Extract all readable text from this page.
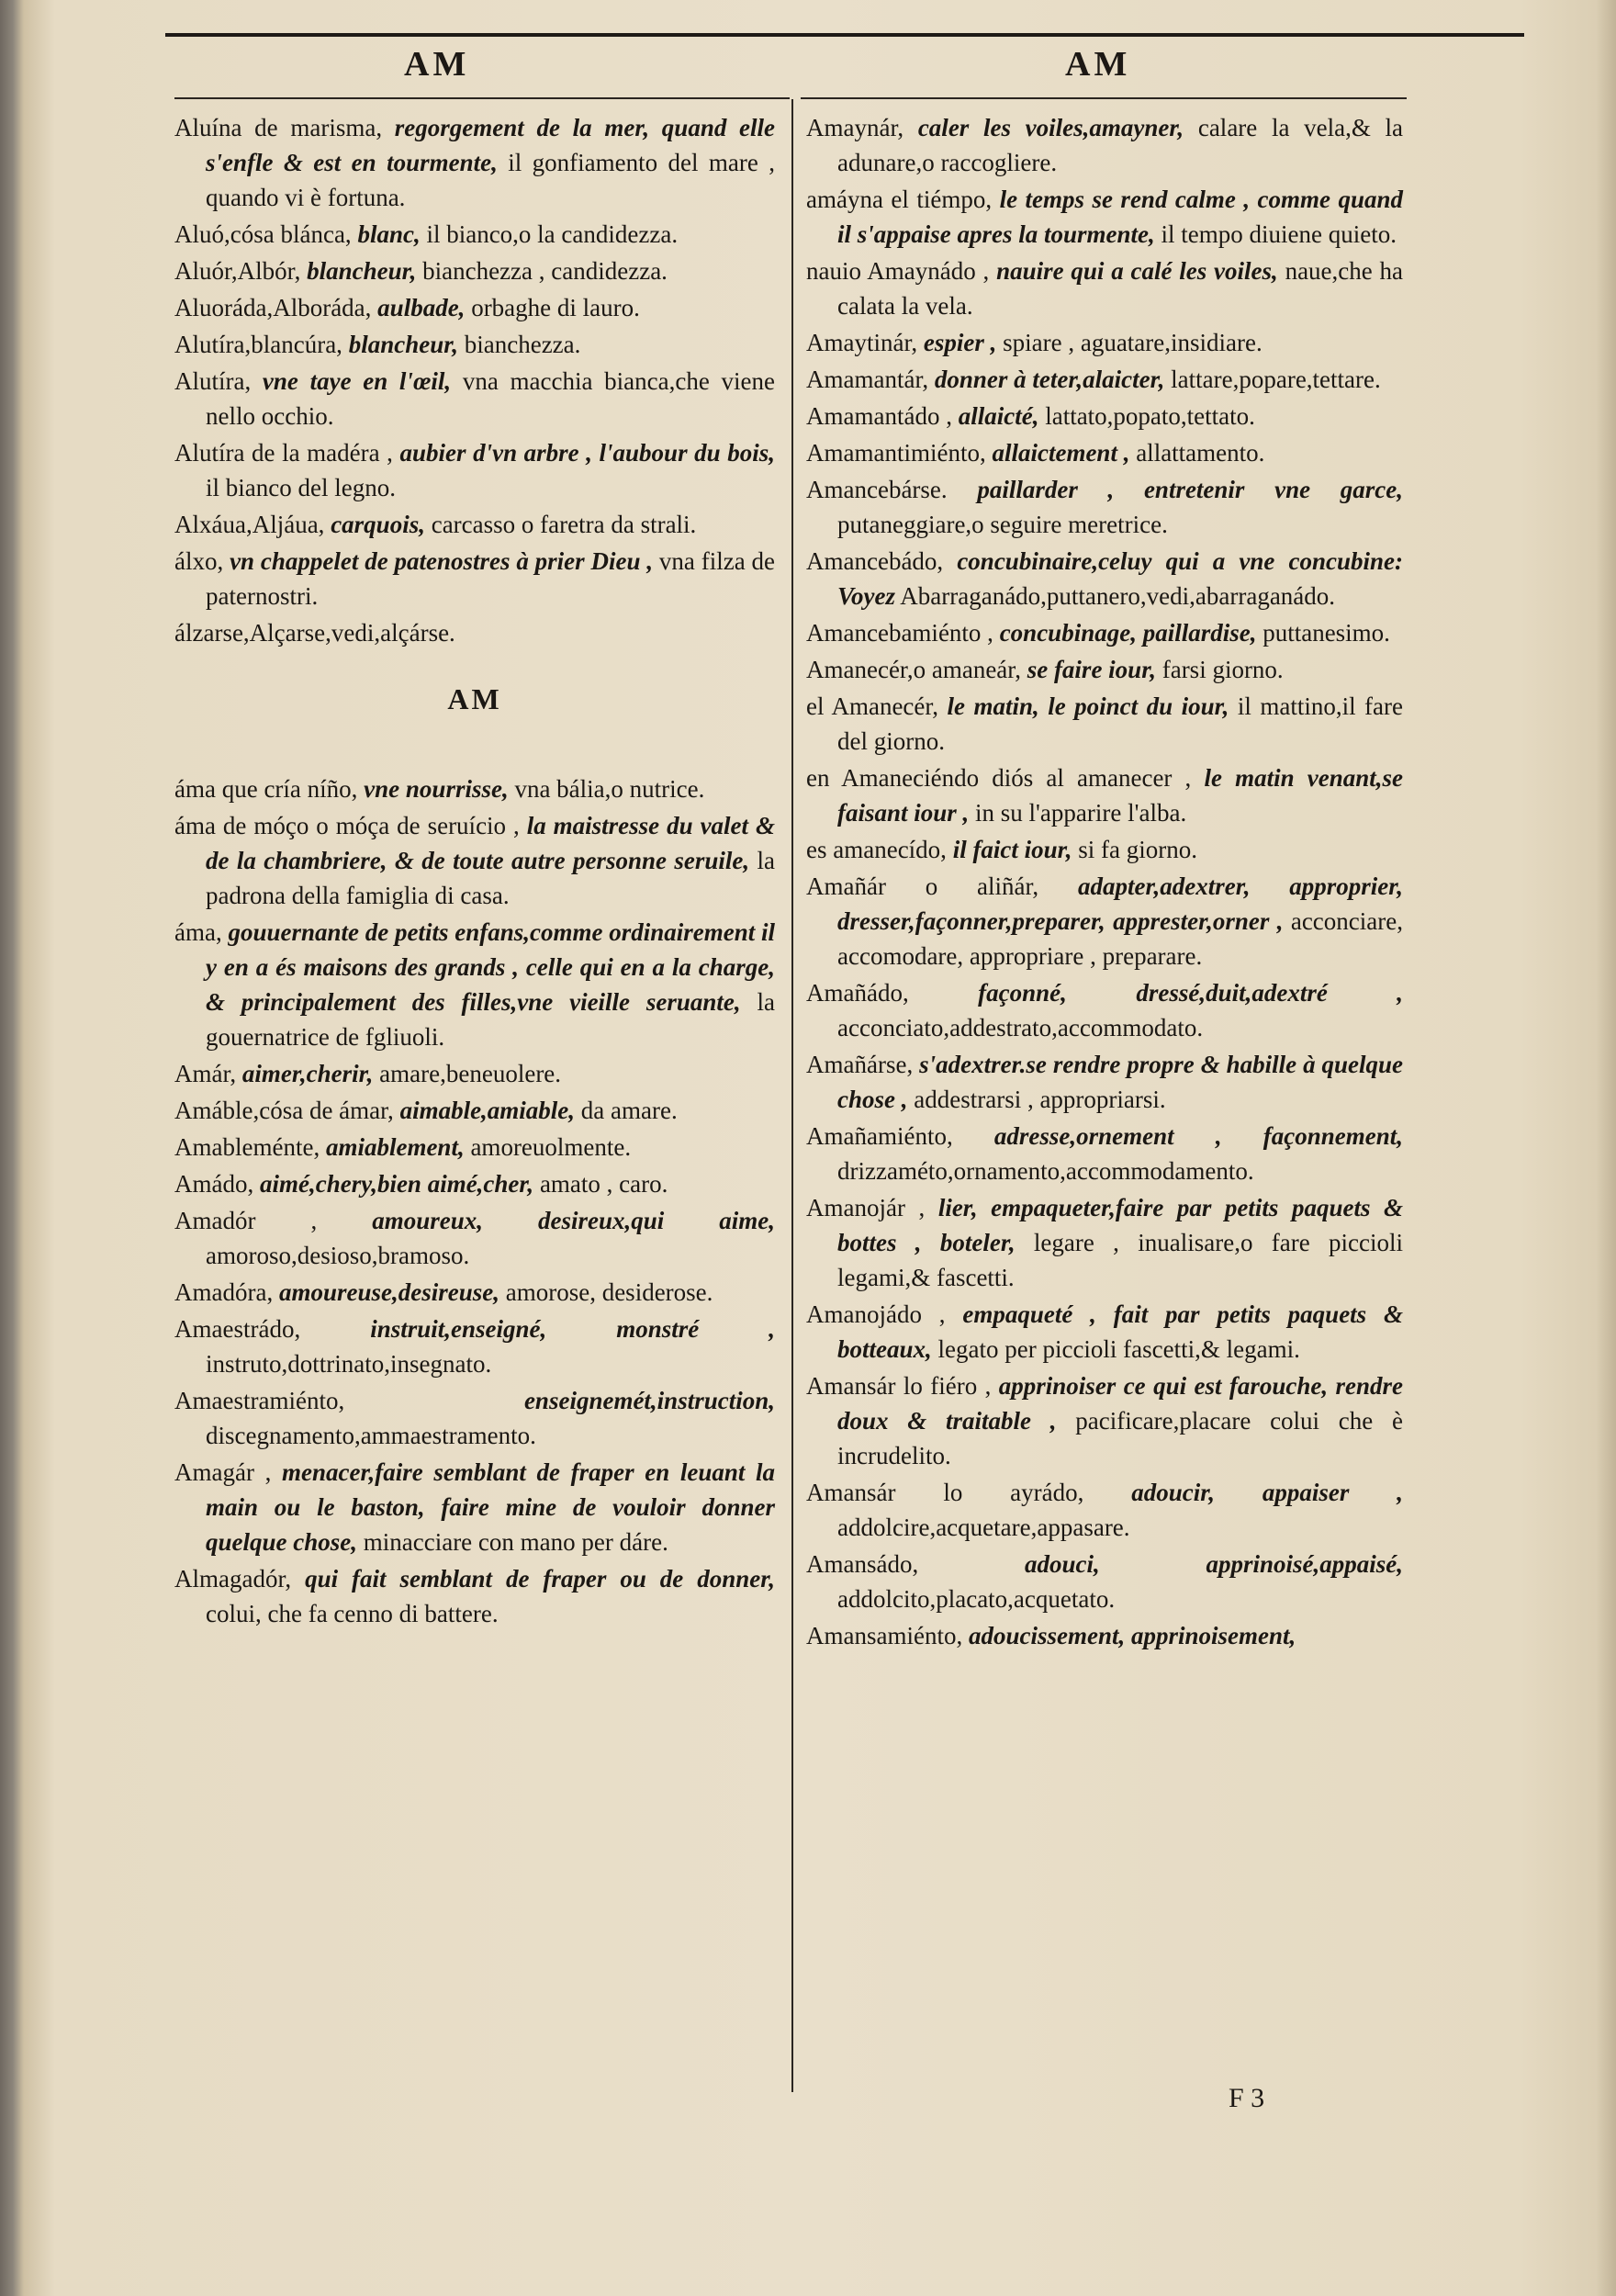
AM	AM
Aluína de marisma, regorgement de la mer, quand elle s'enfle & est en tourmente, il gonfiamento del mare , quando vi è fortuna.
Aluó,cósa blánca, blanc, il bianco,o la candidezza.
Aluór,Albór, blancheur, bianchezza , candidezza.
Aluoráda,Alboráda, aulbade, orbaghe di lauro.
Alutíra,blancúra, blancheur, bianchezza.
Alutíra, vne taye en l'œil, vna macchia bianca,che viene nello occhio.
Alutíra de la madéra , aubier d'vn arbre , l'aubour du bois, il bianco del legno.
Alxáua,Aljáua, carquois, carcasso o faretra da strali.
álxo, vn chappelet de patenostres à prier Dieu , vna filza de paternostri.
álzarse,Alçarse,vedi,alçárse.
AM
áma que cría níño, vne nourrisse, vna bália,o nutrice.
áma de móço o móça de seruício , la maistresse du valet & de la chambriere, & de toute autre personne seruile, la padrona della famiglia di casa.
áma, gouuernante de petits enfans,comme ordinairement il y en a és maisons des grands , celle qui en a la charge, & principalement des filles,vne vieille seruante, la gouernatrice de fgliuoli.
Amár, aimer,cherir, amare,beneuolere.
Amáble,cósa de ámar, aimable,amiable, da amare.
Amableménte, amiablement, amoreuolmente.
Amádo, aimé,chery,bien aimé,cher, amato , caro.
Amadór , amoureux, desireux,qui aime, amoroso,desioso,bramoso.
Amadóra, amoureuse,desireuse, amorose, desiderose.
Amaestrádo,	instruit,enseigné, monstré , instruto,dottrinato,insegnato.
Amaestramiénto,	enseignemét,instruction, discegnamento,ammaestramento.
Amagár , menacer,faire semblant de fraper en leuant la main ou le baston, faire mine de vouloir donner quelque chose, minacciare con mano per dáre.
Almagadór, qui fait semblant de fraper ou de donner, colui, che fa cenno di battere.
Amaynár, caler les voiles,amayner, calare la vela,& la adunare,o raccogliere.
amáyna el tiémpo, le temps se rend calme , comme quand il s'appaise apres la tourmente, il tempo diuiene quieto.
nauio Amaynádo , nauire qui a calé les voiles, naue,che ha calata la vela.
Amaytinár, espier , spiare , aguatare,insidiare.
Amamantár, donner à teter,alaicter, lattare,popare,tettare.
Amamantádo , allaicté, lattato,popato,tettato.
Amamantimiénto, allaictement , allattamento.
Amancebárse. paillarder , entretenir vne garce, putaneggiare,o seguire meretrice.
Amancebádo, concubinaire,celuy qui a vne concubine: Voyez Abarraganádo,puttanero,vedi,abarraganádo.
Amancebamiénto , concubinage, paillardise, puttanesimo.
Amanecér,o amaneár, se faire iour, farsi giorno.
el Amanecér, le matin, le poinct du iour, il mattino,il fare del giorno.
en Amaneciéndo diós al amanecer , le matin venant,se faisant iour , in su l'apparire l'alba.
es amanecído, il faict iour, si fa giorno.
Amañár o aliñár, adapter,adextrer, approprier, dresser,façonner,preparer, apprester,orner , acconciare, accomodare, appropriare , preparare.
Amañádo,	façonné, dressé,duit,adextré , acconciato,addestrato,accommodato.
Amañárse, s'adextrer.se rendre propre & habille à quelque chose , addestrarsi , appropriarsi.
Amañamiénto, adresse,ornement , façonnement, drizzaméto,ornamento,accommodamento.
Amanojár , lier, empaqueter,faire par petits paquets & bottes , boteler, legare , inualisare,o fare piccioli legami,& fascetti.
Amanojádo , empaqueté , fait par petits paquets & botteaux, legato per piccioli fascetti,& legami.
Amansár lo fiéro , apprinoiser ce qui est farouche, rendre doux & traitable , pacificare,placare colui che è incrudelito.
Amansár lo ayrádo, adoucir, appaiser , addolcire,acquetare,appasare.
Amansádo,	adouci, apprinoisé,appaisé, addolcito,placato,acquetato.
Amansamiénto, adoucissement, apprinoisement,
F 3
